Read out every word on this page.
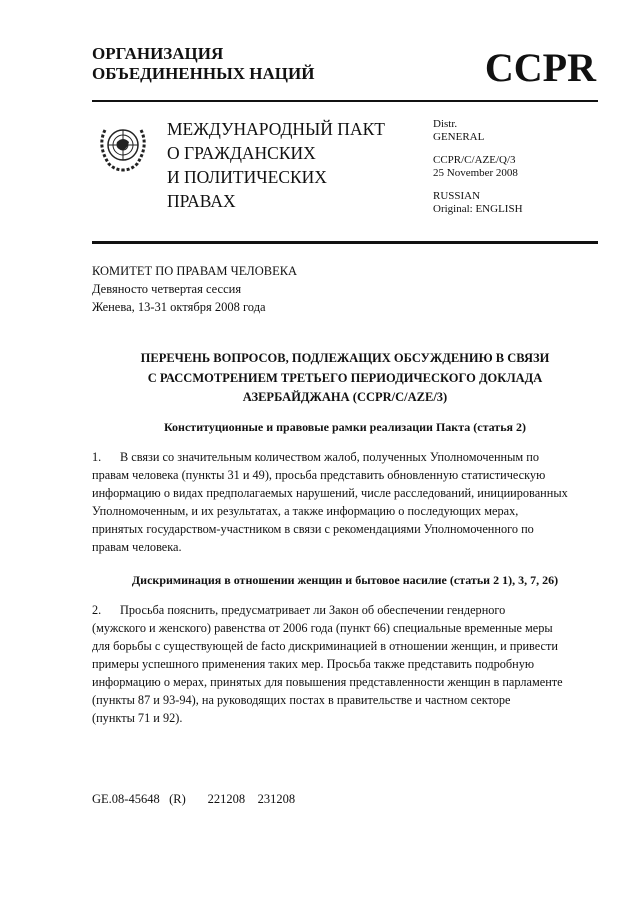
ОРГАНИЗАЦИЯ
ОБЪЕДИНЕННЫХ НАЦИЙ	CCPR
МЕЖДУНАРОДНЫЙ ПАКТ
О ГРАЖДАНСКИХ
И ПОЛИТИЧЕСКИХ
ПРАВАХ
Distr.
GENERAL
CCPR/C/AZE/Q/3
25 November 2008
RUSSIAN
Original: ENGLISH
КОМИТЕТ ПО ПРАВАМ ЧЕЛОВЕКА
Девяносто четвертая сессия
Женева, 13-31 октября 2008 года
ПЕРЕЧЕНЬ ВОПРОСОВ, ПОДЛЕЖАЩИХ ОБСУЖДЕНИЮ В СВЯЗИ
С РАССМОТРЕНИЕМ ТРЕТЬЕГО ПЕРИОДИЧЕСКОГО ДОКЛАДА
АЗЕРБАЙДЖАНА (CCPR/C/AZE/3)
Конституционные и правовые рамки реализации Пакта (статья 2)
1. В связи со значительным количеством жалоб, полученных Уполномоченным по
правам человека (пункты 31 и 49), просьба представить обновленную статистическую
информацию о видах предполагаемых нарушений, числе расследований, инициированных
Уполномоченным, и их результатах, а также информацию о последующих мерах,
принятых государством-участником в связи с рекомендациями Уполномоченного по
правам человека.
Дискриминация в отношении женщин и бытовое насилие (статьи 2 1), 3, 7, 26)
2. Просьба пояснить, предусматривает ли Закон об обеспечении гендерного
(мужского и женского) равенства от 2006 года (пункт 66) специальные временные меры
для борьбы с существующей de facto дискриминацией в отношении женщин, и привести
примеры успешного применения таких мер. Просьба также представить подробную
информацию о мерах, принятых для повышения представленности женщин в парламенте
(пункты 87 и 93-94), на руководящих постах в правительстве и частном секторе
(пункты 71 и 92).
GE.08-45648   (R)       221208    231208
